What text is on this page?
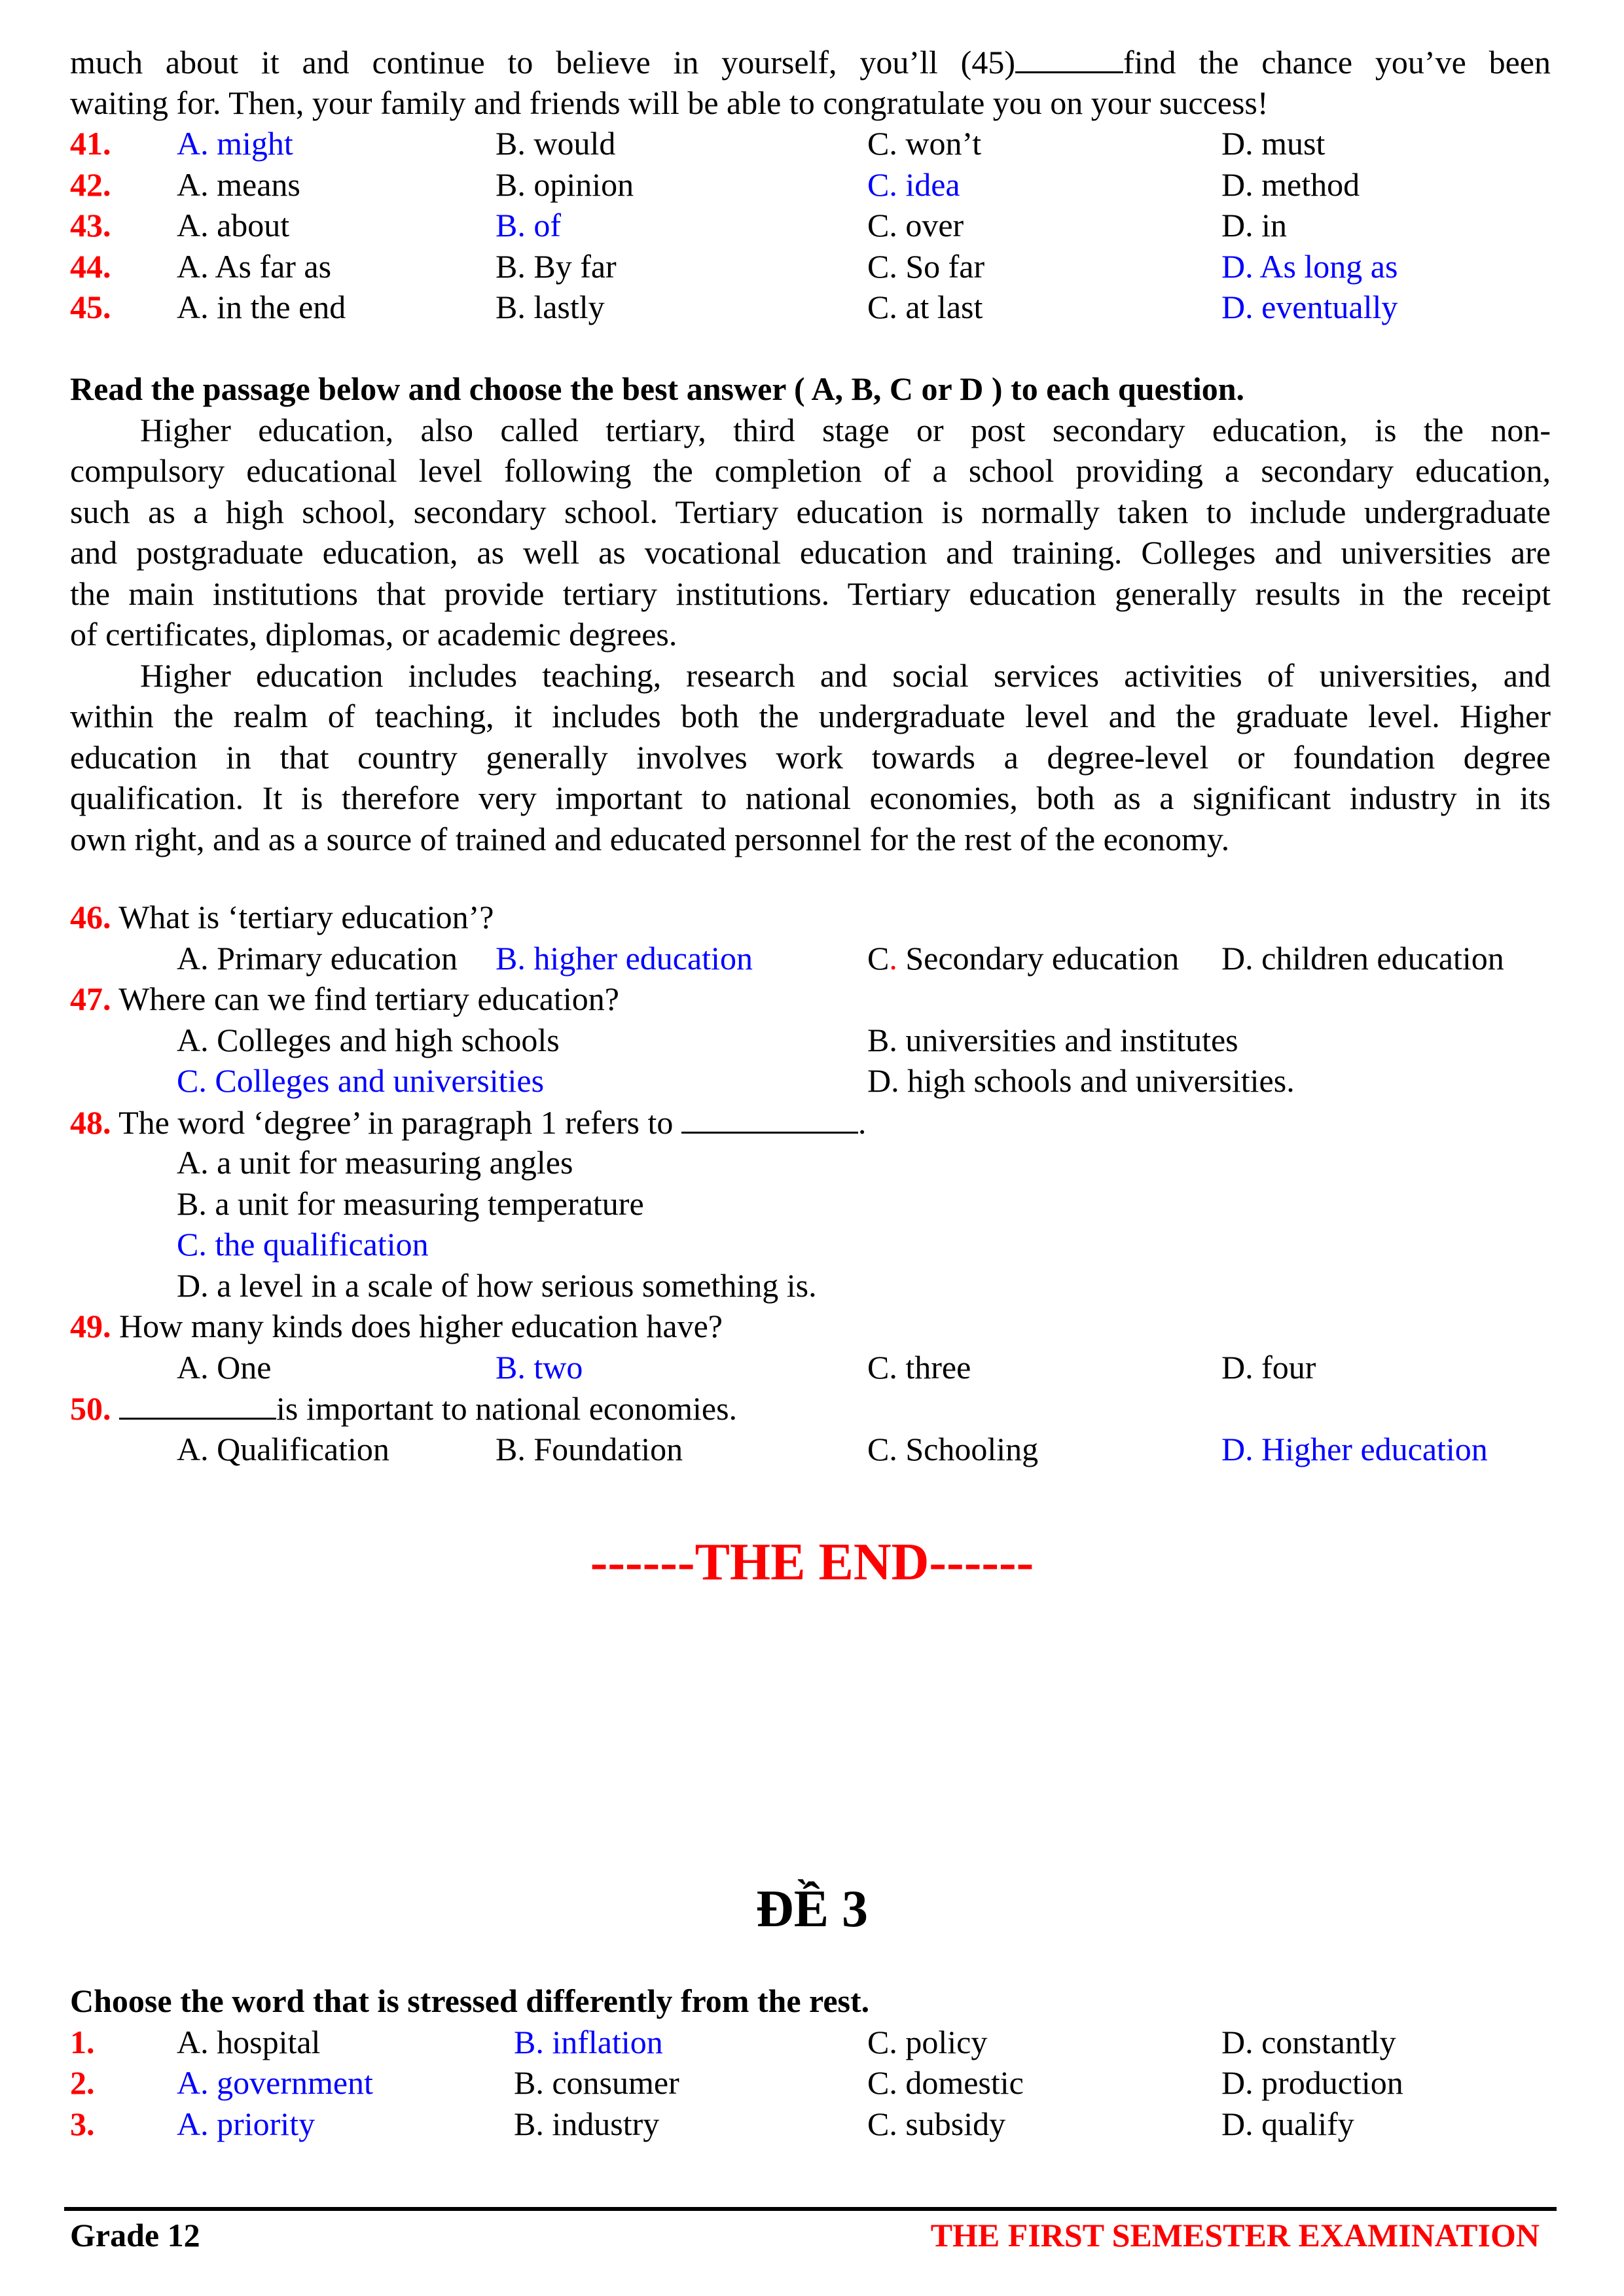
much about it and continue to believe in yourself, you’ll (45)	find the chance you’ve been
waiting for. Then, your family and friends will be able to congratulate you on your success!
41. A. might	B. would	C. won’t	D. must
42. A. means	B. opinion	C. idea	D. method
43. A. about	B. of	C. over	D. in
44. A. As far as	B. By far	C. So far	D. As long as
45. A. in the end	B. lastly	C. at last	D. eventually
Read the passage below and choose the best answer ( A, B, C or D ) to each question.
Higher education, also called tertiary, third stage or post secondary education, is the non-
compulsory educational level following the completion of a school providing a secondary education,
such as a high school, secondary school. Tertiary education is normally taken to include undergraduate
and postgraduate education, as well as vocational education and training. Colleges and universities are
the main institutions that provide tertiary institutions. Tertiary education generally results in the receipt
of certificates, diplomas, or academic degrees.
Higher education includes teaching, research and social services activities of universities, and
within the realm of teaching, it includes both the undergraduate level and the graduate level. Higher
education in that country generally involves work towards a degree-level or foundation degree
qualification. It is therefore very important to national economies, both as a significant industry in its
own right, and as a source of trained and educated personnel for the rest of the economy.
46. What is ‘tertiary education’?
A. Primary education B. higher education	C. Secondary education D. children education
47. Where can we find tertiary education?
A. Colleges and high schools	B. universities and institutes
C. Colleges and universities	D. high schools and universities.
48. The word ‘degree’ in paragraph 1 refers to	.
A. a unit for measuring angles
B. a unit for measuring temperature
C. the qualification
D. a level in a scale of how serious something is.
49. How many kinds does higher education have?
A. One	B. two	C. three	D. four
50.	is important to national economies.
A. Qualification	B. Foundation	C. Schooling	D. Higher education
------THE END------
ĐỀ 3
Choose the word that is stressed differently from the rest.
1.	A. hospital	B. inflation	C. policy	D. constantly
2.	A. government	B. consumer	C. domestic	D. production
3.	A. priority	B. industry	C. subsidy	D. qualify
Grade 12	THE FIRST SEMESTER EXAMINATION
